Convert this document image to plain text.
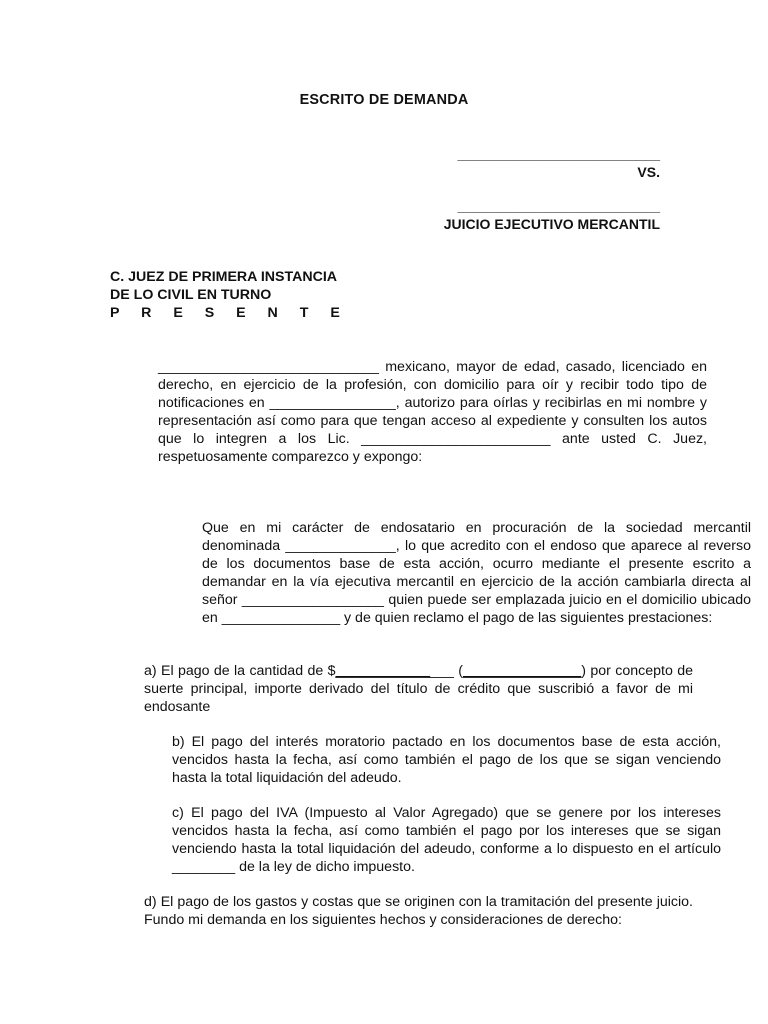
ESCRITO DE DEMANDA
__________________________
VS.
__________________________
JUICIO EJECUTIVO MERCANTIL
C. JUEZ DE PRIMERA INSTANCIA
DE LO CIVIL EN TURNO
P R E S E N T E
____________________________ mexicano, mayor de edad, casado, licenciado en derecho, en ejercicio de la profesión, con domicilio para oír y recibir todo tipo de notificaciones en ________________, autorizo para oírlas y recibirlas en mi nombre y representación así como para que tengan acceso al expediente y consulten los autos que lo integren a los Lic. ________________________ ante usted C. Juez, respetuosamente comparezco y expongo:
Que en mi carácter de endosatario en procuración de la sociedad mercantil denominada ______________, lo que acredito con el endoso que aparece al reverso de los documentos base de esta acción, ocurro mediante el presente escrito a demandar en la vía ejecutiva mercantil en ejercicio de la acción cambiarla directa al señor __________________ quien puede ser emplazada juicio en el domicilio ubicado en _______________ y de quien reclamo el pago de las siguientes prestaciones:
a) El pago de la cantidad de $_______________ (_______________) por concepto de suerte principal, importe derivado del título de crédito que suscribió a favor de mi endosante
b) El pago del interés moratorio pactado en los documentos base de esta acción, vencidos hasta la fecha, así como también el pago de los que se sigan venciendo hasta la total liquidación del adeudo.
c) El pago del IVA (Impuesto al Valor Agregado) que se genere por los intereses vencidos hasta la fecha, así como también el pago por los intereses que se sigan venciendo hasta la total liquidación del adeudo, conforme a lo dispuesto en el artículo ________ de la ley de dicho impuesto.
d) El pago de los gastos y costas que se originen con la tramitación del presente juicio. Fundo mi demanda en los siguientes hechos y consideraciones de derecho:
